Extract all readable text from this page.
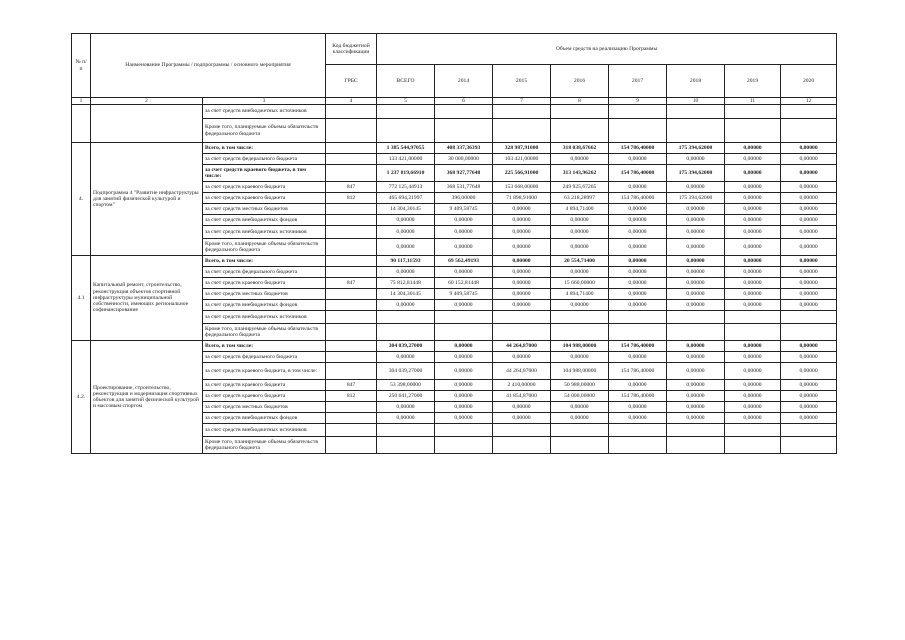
№ п/п	Наименование Программы / подпрограммы / основного мероприятия		Код бюджетной классификации	Объем средств на реализацию Программы							
			ГРБС	ВСЕГО	2014	2015	2016	2017	2018	2019	2020
1	2	3	4	5	6	7	8	9	10	11	12
		за счет средств внебюджетных источников									
		Кроме того, планируемые объемы обязательств федерального бюджета									
4.	Подпрограмма 4 "Развитие инфраструктуры для занятий физической культурой и спортом"	Всего, в том числе:		1 385 544,97055	408 337,36393	328 987,91000	318 038,67662	154 786,40000	175 394,62000	0,00000	0,00000
		за счет средств федерального бюджета		133 421,00000	30 000,00000	103 421,00000	0,00000	0,00000	0,00000	0,00000	0,00000
		за счет средств краевого бюджета, в том числе:		1 237 819,66910	368 927,77648	225 566,91000	313 143,96262	154 786,40000	175 394,62000	0,00000	0,00000
		за счет средств краевого бюджета	847	772 125,44913	368 531,77648	153 668,00000	249 925,67265	0,00000	0,00000	0,00000	0,00000
		за счет средств краевого бюджета	812	465 694,21997	396,00000	71 898,91000	63 218,28997	154 786,40000	175 394,62000	0,00000	0,00000
		за счет средств местных бюджетов		14 304,30145	9 409,58745	0,00000	4 894,71400	0,00000	0,00000	0,00000	0,00000
		за счет средств внебюджетных фондов		0,00000	0,00000	0,00000	0,00000	0,00000	0,00000	0,00000	0,00000
		за счет средств внебюджетных источников		0,00000	0,00000	0,00000	0,00000	0,00000	0,00000	0,00000	0,00000
		Кроме того, планируемые объемы обязательств федерального бюджета		0,00000	0,00000	0,00000	0,00000	0,00000	0,00000	0,00000	0,00000
4.1	Капитальный ремонт, строительство, реконструкция объектов спортивной инфраструктуры муниципальной собственности, имеющих региональное софинансирование	Всего, в том числе:		90 117,11593	69 562,49193	0,00000	20 554,71400	0,00000	0,00000	0,00000	0,00000
		за счет средств федерального бюджета		0,00000	0,00000	0,00000	0,00000	0,00000	0,00000	0,00000	0,00000
		за счет средств краевого бюджета	847	75 812,81448	60 152,81448	0,00000	15 660,00000	0,00000	0,00000	0,00000	0,00000
		за счет средств местных бюджетов		14 304,30145	9 409,58745	0,00000	4 894,71400	0,00000	0,00000	0,00000	0,00000
		за счет средств внебюджетных фондов		0,00000	0,00000	0,00000	0,00000	0,00000	0,00000	0,00000	0,00000
		за счет средств внебюджетных источников									
		Кроме того, планируемые объемы обязательств федерального бюджета									
4.2.	Проектирование, строительство, реконструкция и модернизация спортивных объектов для занятий физической культурой и массовым спортом	Всего, в том числе:		304 039,27000	0,00000	44 264,87000	104 988,00000	154 786,40000	0,00000	0,00000	0,00000
		за счет средств федерального бюджета		0,00000	0,00000	0,00000	0,00000	0,00000	0,00000	0,00000	0,00000
		за счет средств краевого бюджета, в том числе:		304 039,27000	0,00000	44 264,87000	104 988,00000	154 786,40000	0,00000	0,00000	0,00000
		за счет средств краевого бюджета	847	53 398,00000	0,00000	2 410,00000	50 988,00000	0,00000	0,00000	0,00000	0,00000
		за счет средств краевого бюджета	812	250 641,27000	0,00000	41 854,87000	54 000,00000	154 786,40000	0,00000	0,00000	0,00000
		за счет средств местных бюджетов		0,00000	0,00000	0,00000	0,00000	0,00000	0,00000	0,00000	0,00000
		за счет средств внебюджетных фондов		0,00000	0,00000	0,00000	0,00000	0,00000	0,00000	0,00000	0,00000
		за счет средств внебюджетных источников									
		Кроме того, планируемые объемы обязательств федерального бюджета									
